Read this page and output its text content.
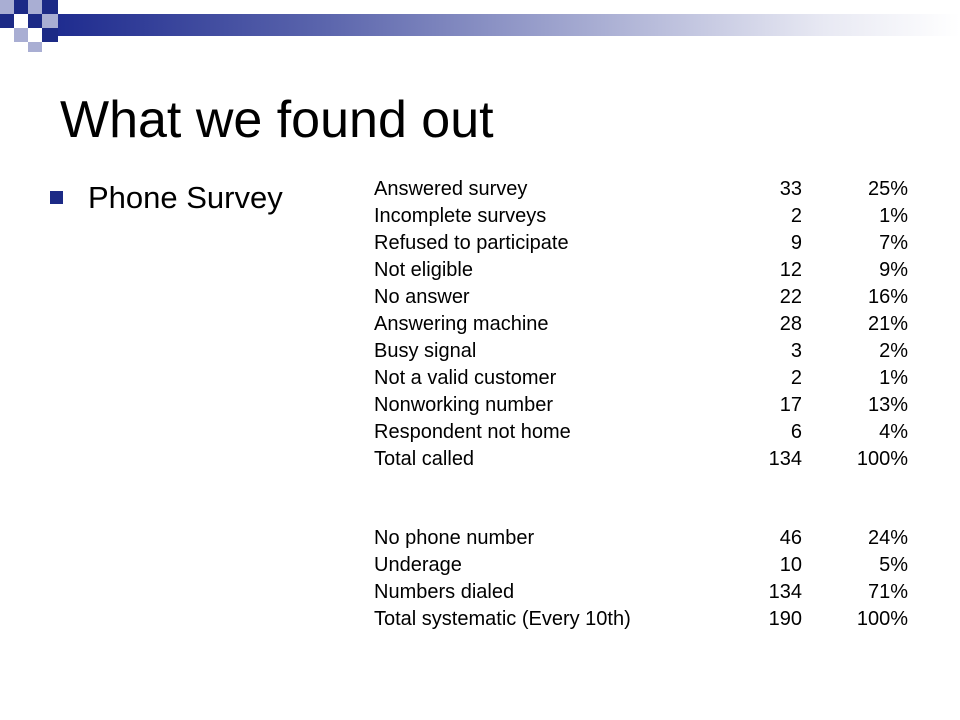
What we found out
Phone Survey	Answered survey	33	25%
Incomplete surveys	2	1%
Refused to participate	9	7%
Not eligible	12	9%
No answer	22	16%
Answering machine	28	21%
Busy signal	3	2%
Not a valid customer	2	1%
Nonworking number	17	13%
Respondent not home	6	4%
Total called	134	100%
No phone number	46	24%
Underage	10	5%
Numbers dialed	134	71%
Total systematic (Every 10th)	190	100%
